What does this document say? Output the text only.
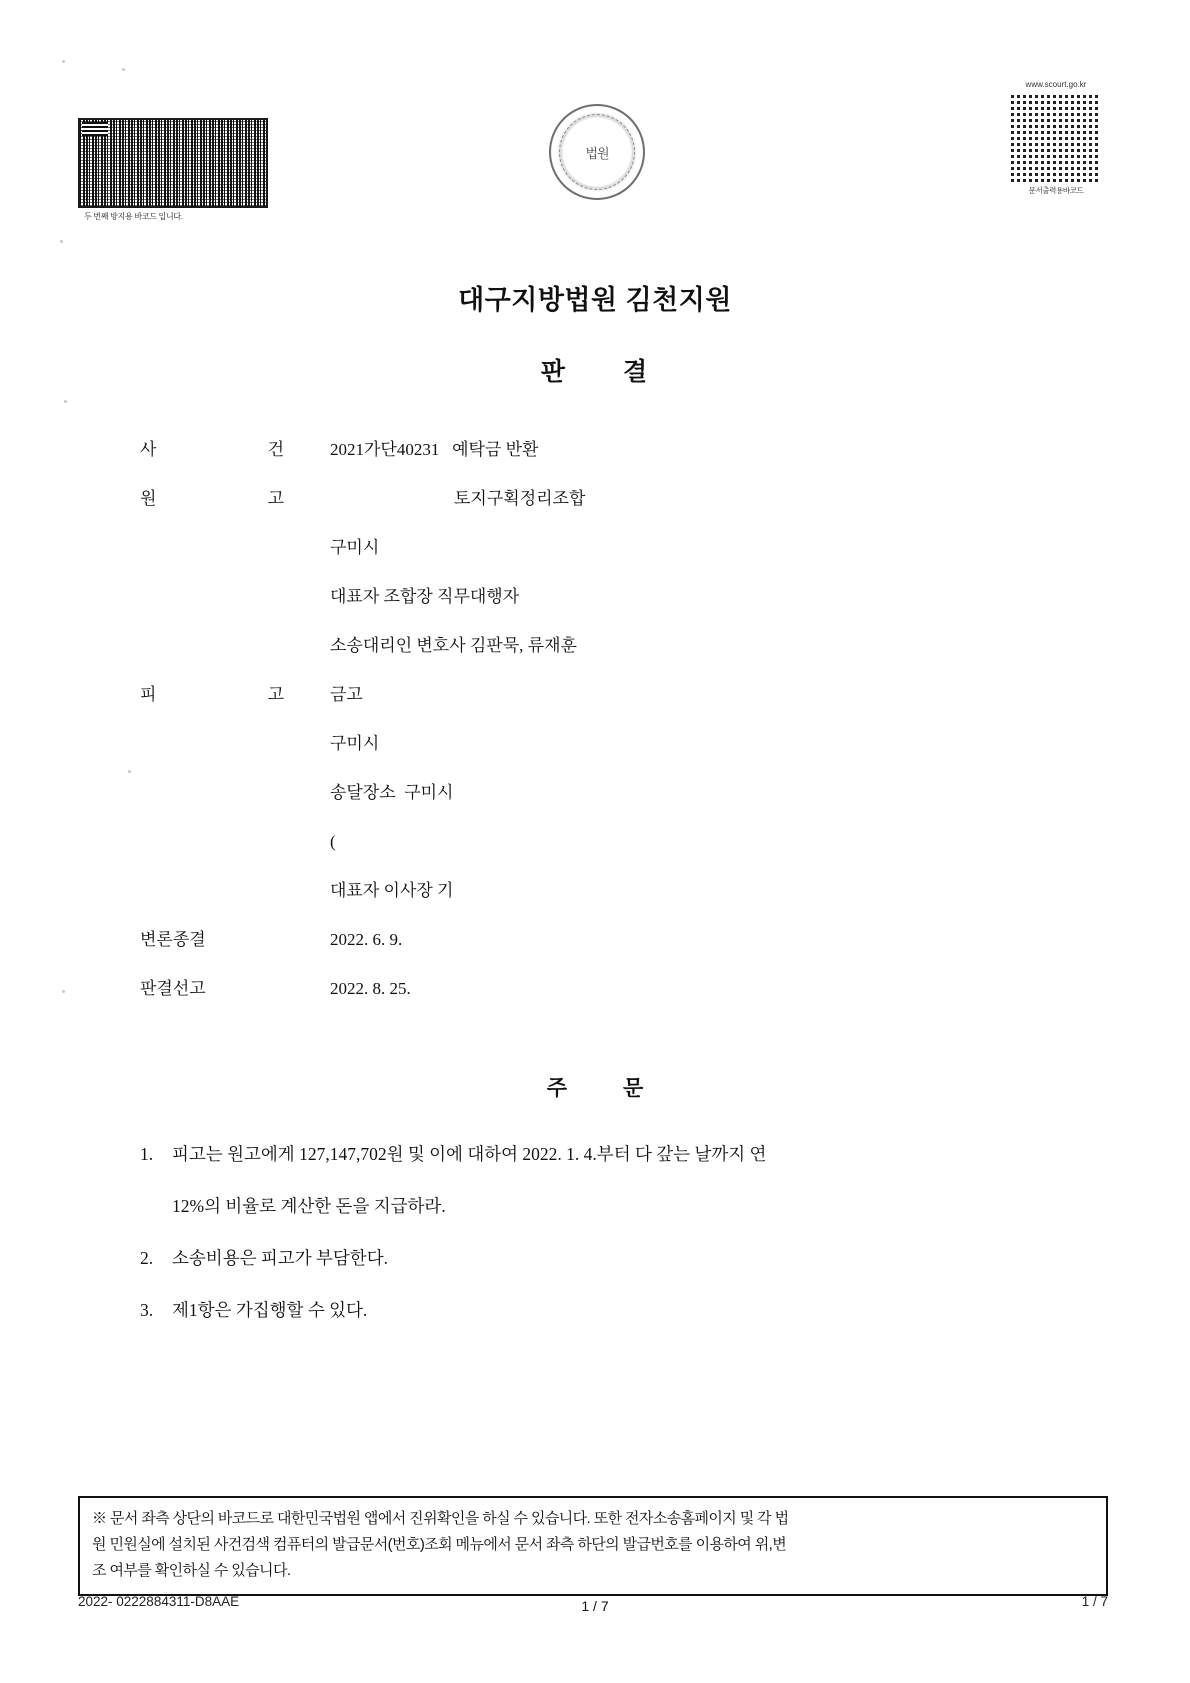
두 번째 방지용 바코드 입니다.
법원
www.scourt.go.kr
문서출력용바코드
대구지방법원 김천지원
판 결
사	건	2021가단40231   예탁금 반환
원	고	토지구획정리조합
구미시
대표자 조합장 직무대행자
소송대리인 변호사 김판묵, 류재훈
피	고	금고
구미시
송달장소  구미시
(
대표자 이사장 기
변론종결	2022. 6. 9.
판결선고	2022. 8. 25.
주	문
1.	피고는 원고에게 127,147,702원 및 이에 대하여 2022. 1. 4.부터 다 갚는 날까지 연
12%의 비율로 계산한 돈을 지급하라.
2.	소송비용은 피고가 부담한다.
3.	제1항은 가집행할 수 있다.
※ 문서 좌측 상단의 바코드로 대한민국법원 앱에서 진위확인을 하실 수 있습니다. 또한 전자소송홈페이지 및 각 법
원 민원실에 설치된 사건검색 컴퓨터의 발급문서(번호)조회 메뉴에서 문서 좌측 하단의 발급번호를 이용하여 위,변
조 여부를 확인하실 수 있습니다.
2022- 0222884311-D8AAE	1 / 7
1 / 7
